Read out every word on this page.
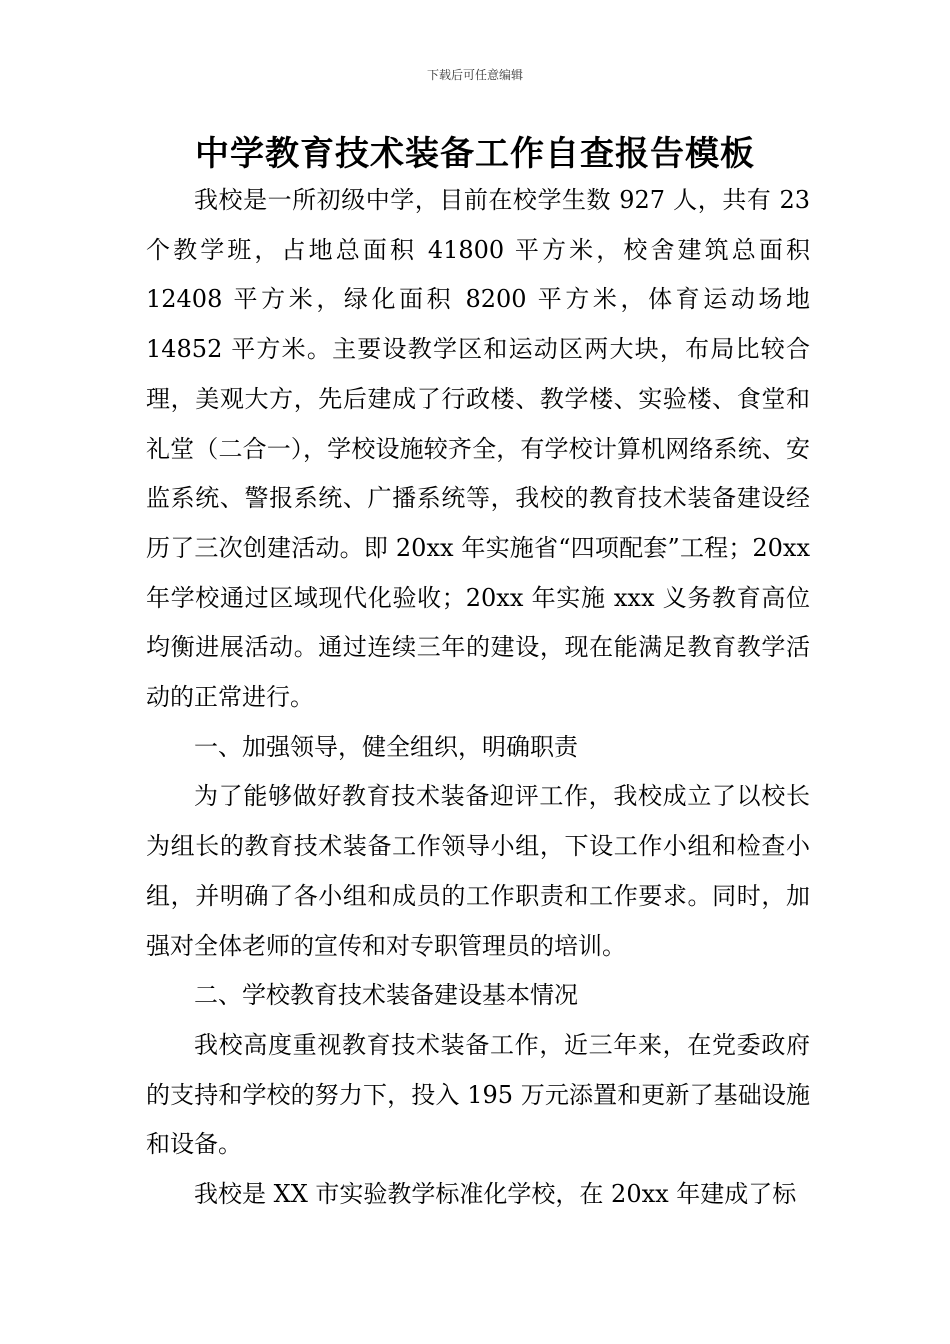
下载后可任意编辑
中学教育技术装备工作自查报告模板

我校是一所初级中学，目前在校学生数 927 人，共有 23 个教学班，占地总面积 41800 平方米，校舍建筑总面积 12408 平方米，绿化面积 8200 平方米，体育运动场地 14852 平方米。主要设教学区和运动区两大块，布局比较合理，美观大方，先后建成了行政楼、教学楼、实验楼、食堂和礼堂（二合一），学校设施较齐全，有学校计算机网络系统、安监系统、警报系统、广播系统等，我校的教育技术装备建设经历了三次创建活动。即 20xx 年实施省“四项配套”工程；20xx 年学校通过区域现代化验收；20xx 年实施 xxx 义务教育高位均衡进展活动。通过连续三年的建设，现在能满足教育教学活动的正常进行。

一、加强领导，健全组织，明确职责

为了能够做好教育技术装备迎评工作，我校成立了以校长为组长的教育技术装备工作领导小组，下设工作小组和检查小组，并明确了各小组和成员的工作职责和工作要求。同时，加强对全体老师的宣传和对专职管理员的培训。

二、学校教育技术装备建设基本情况

我校高度重视教育技术装备工作，近三年来，在党委政府的支持和学校的努力下，投入 195 万元添置和更新了基础设施和设备。

我校是 XX 市实验教学标准化学校，在 20xx 年建成了标
